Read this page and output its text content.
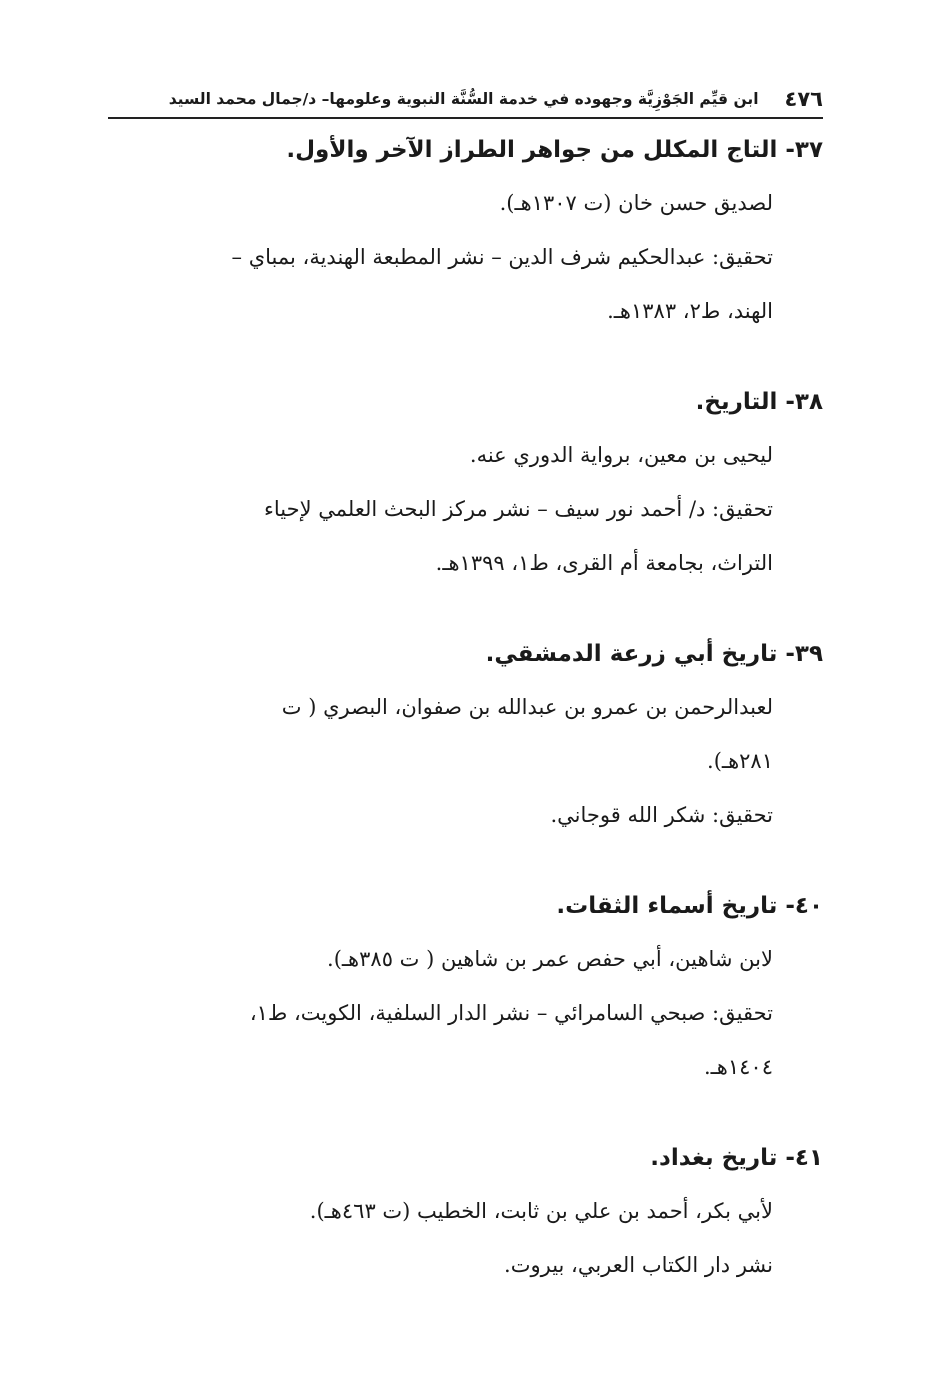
٤٧٦
ابن قيِّم الجَوْزِيَّة وجهوده في خدمة السُّنَّة النبوية وعلومها– د/جمال محمد السيد
٣٧- التاج المكلل من جواهر الطراز الآخر والأول.
لصديق حسن خان (ت ١٣٠٧هـ).
تحقيق: عبدالحكيم شرف الدين – نشر المطبعة الهندية، بمباي –
الهند، ط٢، ١٣٨٣هـ.
٣٨- التاريخ.
ليحيى بن معين، برواية الدوري عنه.
تحقيق: د/ أحمد نور سيف – نشر مركز البحث العلمي لإحياء
التراث، بجامعة أم القرى، ط١، ١٣٩٩هـ.
٣٩- تاريخ أبي زرعة الدمشقي.
لعبدالرحمن بن عمرو بن عبدالله بن صفوان، البصري ( ت
٢٨١هـ).
تحقيق: شكر الله قوجاني.
٤٠- تاريخ أسماء الثقات.
لابن شاهين، أبي حفص عمر بن شاهين ( ت ٣٨٥هـ).
تحقيق: صبحي السامرائي – نشر الدار السلفية، الكويت، ط١،
١٤٠٤هـ.
٤١- تاريخ بغداد.
لأبي بكر، أحمد بن علي بن ثابت، الخطيب (ت ٤٦٣هـ).
نشر دار الكتاب العربي، بيروت.
